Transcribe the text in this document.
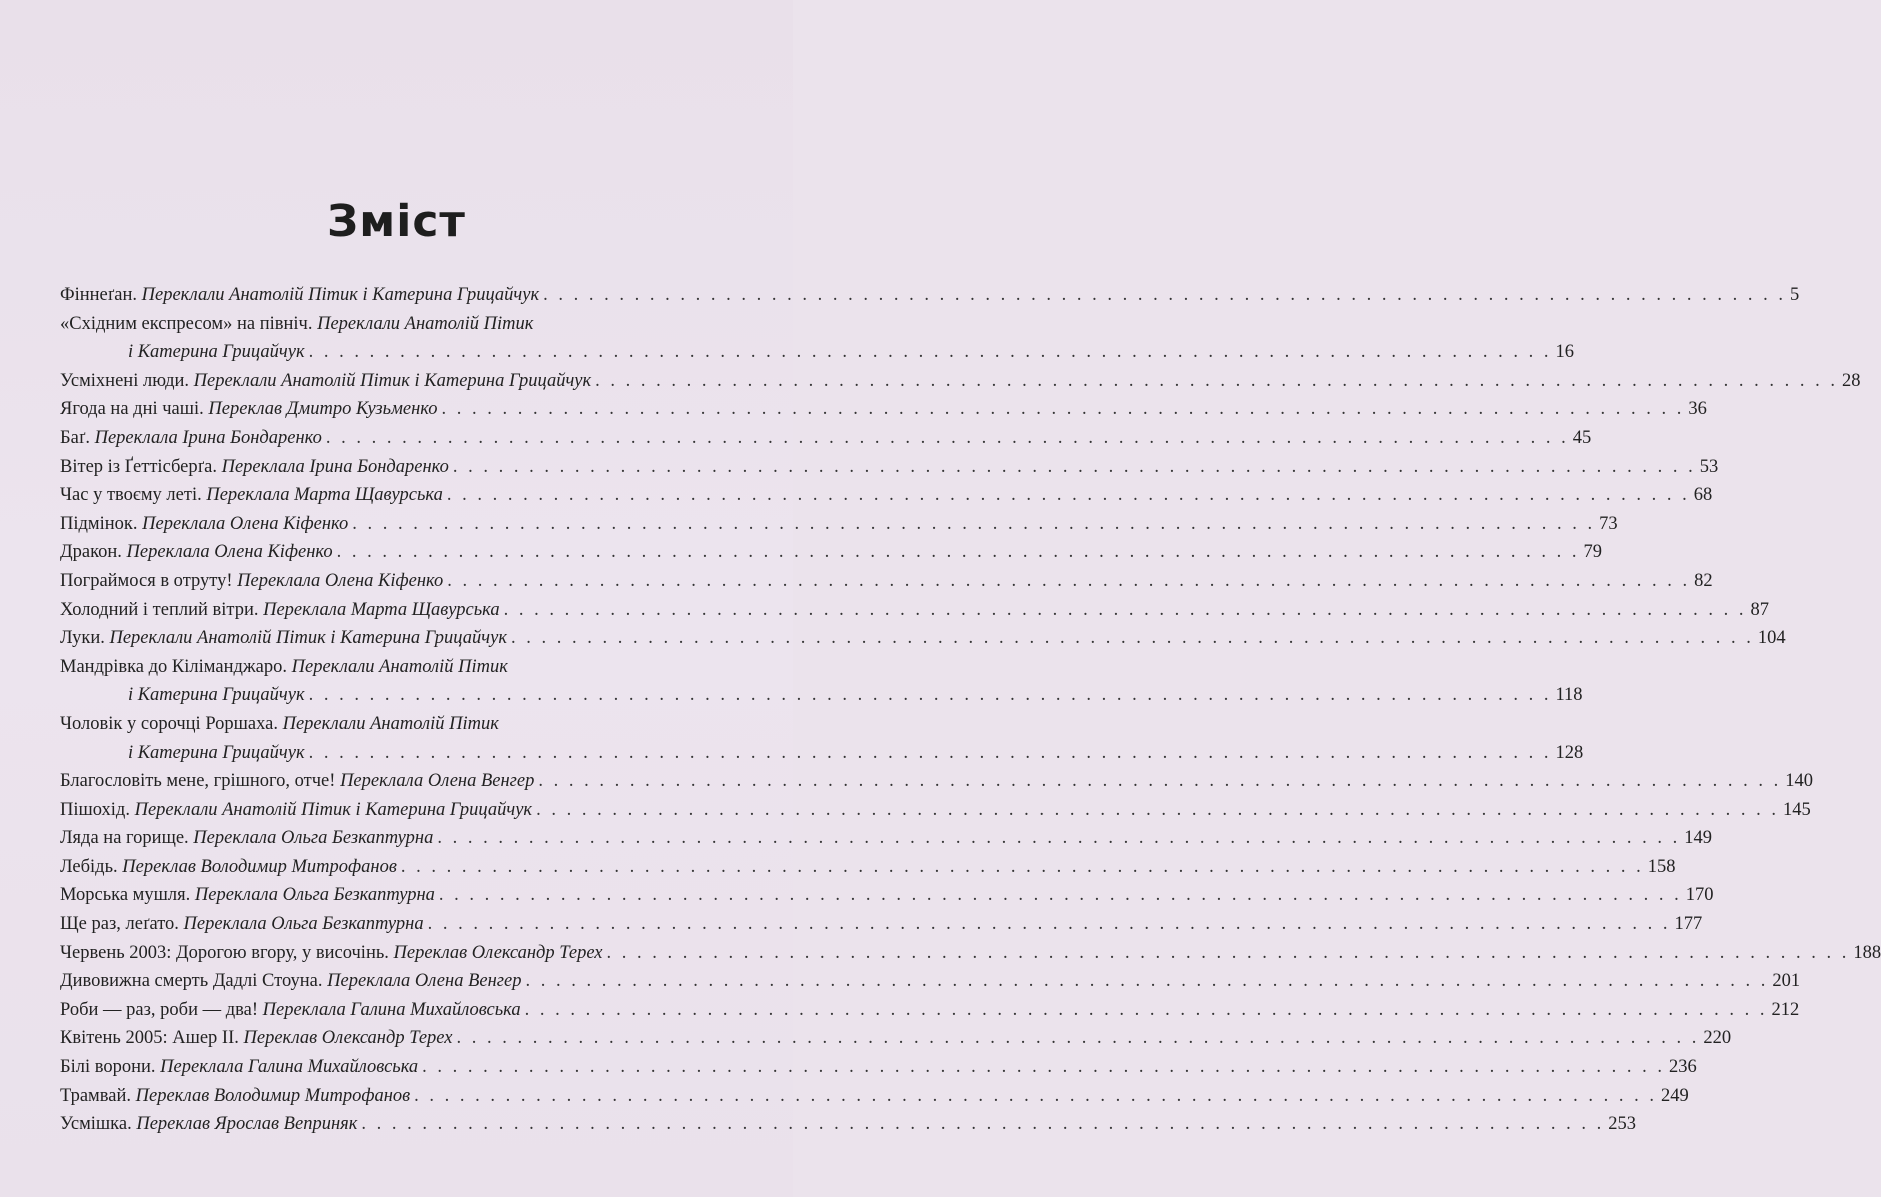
Зміст
Фіннеґан. Переклали Анатолій Пітик і Катерина Грицайчук . . .	5
«Східним експресом» на північ. Переклали Анатолій Пітик
і Катерина Грицайчук . . .	16
Усміхнені люди. Переклали Анатолій Пітик і Катерина Грицайчук . . .	28
Ягода на дні чаші. Переклав Дмитро Кузьменко . . .	36
Баґ. Переклала Ірина Бондаренко . . .	45
Вітер із Ґеттісберґа. Переклала Ірина Бондаренко . . .	53
Час у твоєму леті. Переклала Марта Щавурська . . .	68
Підмінок. Переклала Олена Кіфенко . . .	73
Дракон. Переклала Олена Кіфенко . . .	79
Пограймося в отруту! Переклала Олена Кіфенко . . .	82
Холодний і теплий вітри. Переклала Марта Щавурська . . .	87
Луки. Переклали Анатолій Пітик і Катерина Грицайчук . . .	104
Мандрівка до Кіліманджаро. Переклали Анатолій Пітик
і Катерина Грицайчук . . .	118
Чоловік у сорочці Роршаха. Переклали Анатолій Пітик
і Катерина Грицайчук . . .	128
Благословіть мене, грішного, отче! Переклала Олена Венгер . . .	140
Пішохід. Переклали Анатолій Пітик і Катерина Грицайчук . . .	145
Ляда на горище. Переклала Ольга Безкаптурна . . .	149
Лебідь. Переклав Володимир Митрофанов . . .	158
Морська мушля. Переклала Ольга Безкаптурна . . .	170
Ще раз, леґато. Переклала Ольга Безкаптурна . . .	177
Червень 2003: Дорогою вгору, у височінь. Переклав Олександр Терех . . .	188
Дивовижна смерть Дадлі Стоуна. Переклала Олена Венгер . . .	201
Роби — раз, роби — два! Переклала Галина Михайловська . . .	212
Квітень 2005: Ашер ІІ. Переклав Олександр Терех . . .	220
Білі ворони. Переклала Галина Михайловська . . .	236
Трамвай. Переклав Володимир Митрофанов . . .	249
Усмішка. Переклав Ярослав Веприняк . . .	253
